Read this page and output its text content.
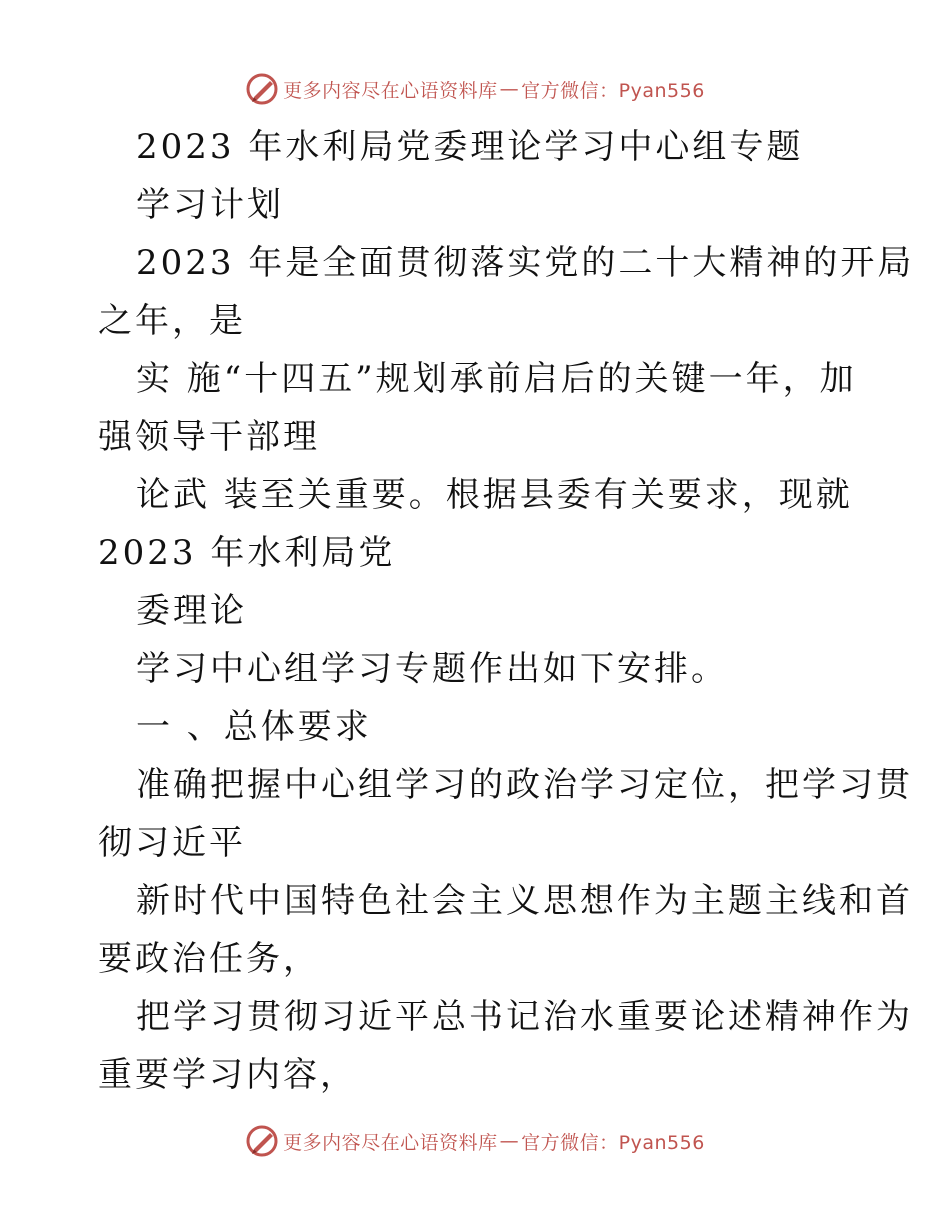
更多内容尽在心语资料库 — 官方微信：Pyan556

2023 年水利局党委理论学习中心组专题

学习计划

2023 年是全面贯彻落实党的二十大精神的开局

之年，是

实 施“十四五”规划承前启后的关键一年，加

强领导干部理

论武 装至关重要。根据县委有关要求，现就

2023 年水利局党

委理论

学习中心组学习专题作出如下安排。

一 、总体要求

准确把握中心组学习的政治学习定位，把学习贯

彻习近平

新时代中国特色社会主义思想作为主题主线和首

要政治任务，

把学习贯彻习近平总书记治水重要论述精神作为

重要学习内容，

更多内容尽在心语资料库 — 官方微信：Pyan556
